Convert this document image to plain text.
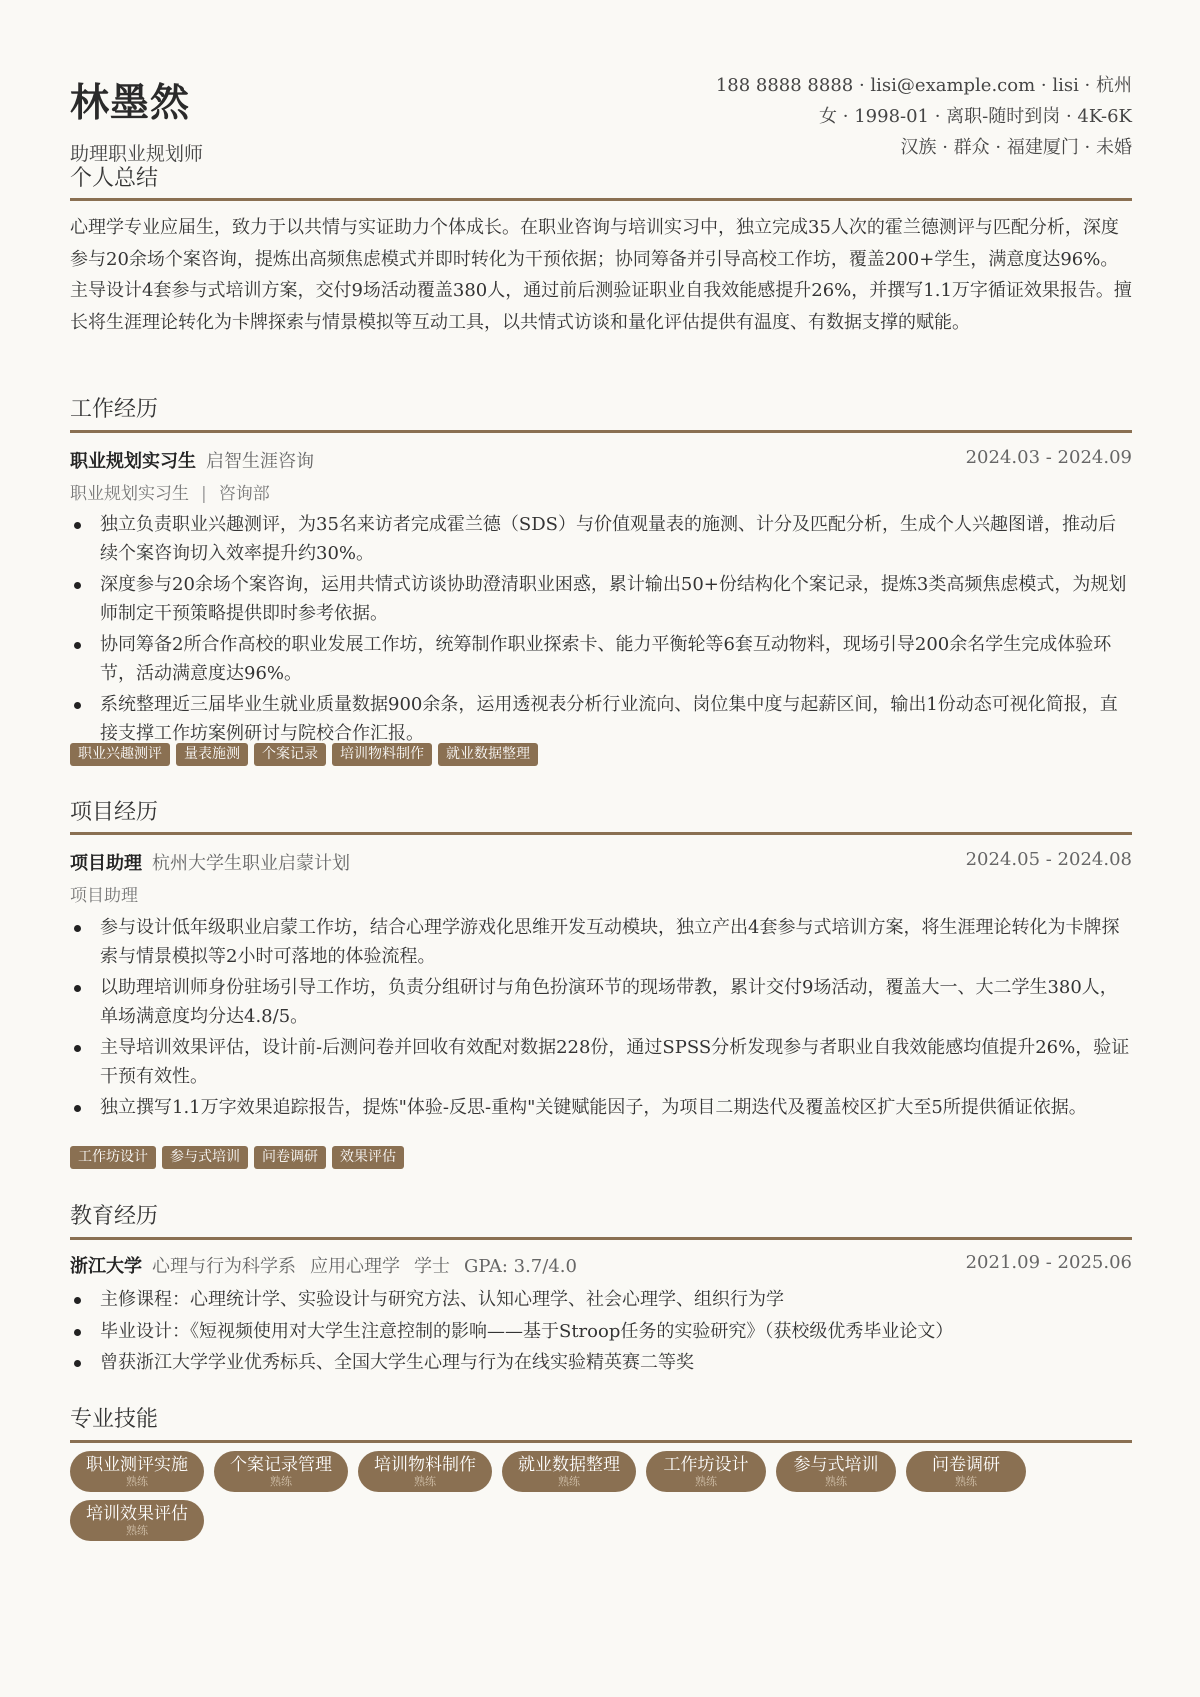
林墨然
助理职业规划师
188 8888 8888 · lisi@example.com · lisi · 杭州
女 · 1998-01 · 离职-随时到岗 · 4K-6K
汉族 · 群众 · 福建厦门 · 未婚
个人总结
心理学专业应届生，致力于以共情与实证助力个体成长。在职业咨询与培训实习中，独立完成35人次的霍兰德测评与匹配分析，深度参与20余场个案咨询，提炼出高频焦虑模式并即时转化为干预依据；协同筹备并引导高校工作坊，覆盖200+学生，满意度达96%。主导设计4套参与式培训方案，交付9场活动覆盖380人，通过前后测验证职业自我效能感提升26%，并撰写1.1万字循证效果报告。擅长将生涯理论转化为卡牌探索与情景模拟等互动工具，以共情式访谈和量化评估提供有温度、有数据支撑的赋能。
工作经历
职业规划实习生 启智生涯咨询	2024.03 - 2024.09
职业规划实习生 | 咨询部
独立负责职业兴趣测评，为35名来访者完成霍兰德（SDS）与价值观量表的施测、计分及匹配分析，生成个人兴趣图谱，推动后续个案咨询切入效率提升约30%。
深度参与20余场个案咨询，运用共情式访谈协助澄清职业困惑，累计输出50+份结构化个案记录，提炼3类高频焦虑模式，为规划师制定干预策略提供即时参考依据。
协同筹备2所合作高校的职业发展工作坊，统筹制作职业探索卡、能力平衡轮等6套互动物料，现场引导200余名学生完成体验环节，活动满意度达96%。
系统整理近三届毕业生就业质量数据900余条，运用透视表分析行业流向、岗位集中度与起薪区间，输出1份动态可视化简报，直接支撑工作坊案例研讨与院校合作汇报。
职业兴趣测评	量表施测	个案记录	培训物料制作	就业数据整理
项目经历
项目助理 杭州大学生职业启蒙计划	2024.05 - 2024.08
项目助理
参与设计低年级职业启蒙工作坊，结合心理学游戏化思维开发互动模块，独立产出4套参与式培训方案，将生涯理论转化为卡牌探索与情景模拟等2小时可落地的体验流程。
以助理培训师身份驻场引导工作坊，负责分组研讨与角色扮演环节的现场带教，累计交付9场活动，覆盖大一、大二学生380人，单场满意度均分达4.8/5。
主导培训效果评估，设计前-后测问卷并回收有效配对数据228份，通过SPSS分析发现参与者职业自我效能感均值提升26%，验证干预有效性。
独立撰写1.1万字效果追踪报告，提炼"体验-反思-重构"关键赋能因子，为项目二期迭代及覆盖校区扩大至5所提供循证依据。
工作坊设计	参与式培训	问卷调研	效果评估
教育经历
浙江大学 心理与行为科学系 应用心理学 学士 GPA: 3.7/4.0	2021.09 - 2025.06
主修课程：心理统计学、实验设计与研究方法、认知心理学、社会心理学、组织行为学
毕业设计：《短视频使用对大学生注意控制的影响——基于Stroop任务的实验研究》（获校级优秀毕业论文）
曾获浙江大学学业优秀标兵、全国大学生心理与行为在线实验精英赛二等奖
专业技能
职业测评实施
熟练
个案记录管理
熟练
培训物料制作
熟练
就业数据整理
熟练
工作坊设计
熟练
参与式培训
熟练
问卷调研
熟练
培训效果评估
熟练
